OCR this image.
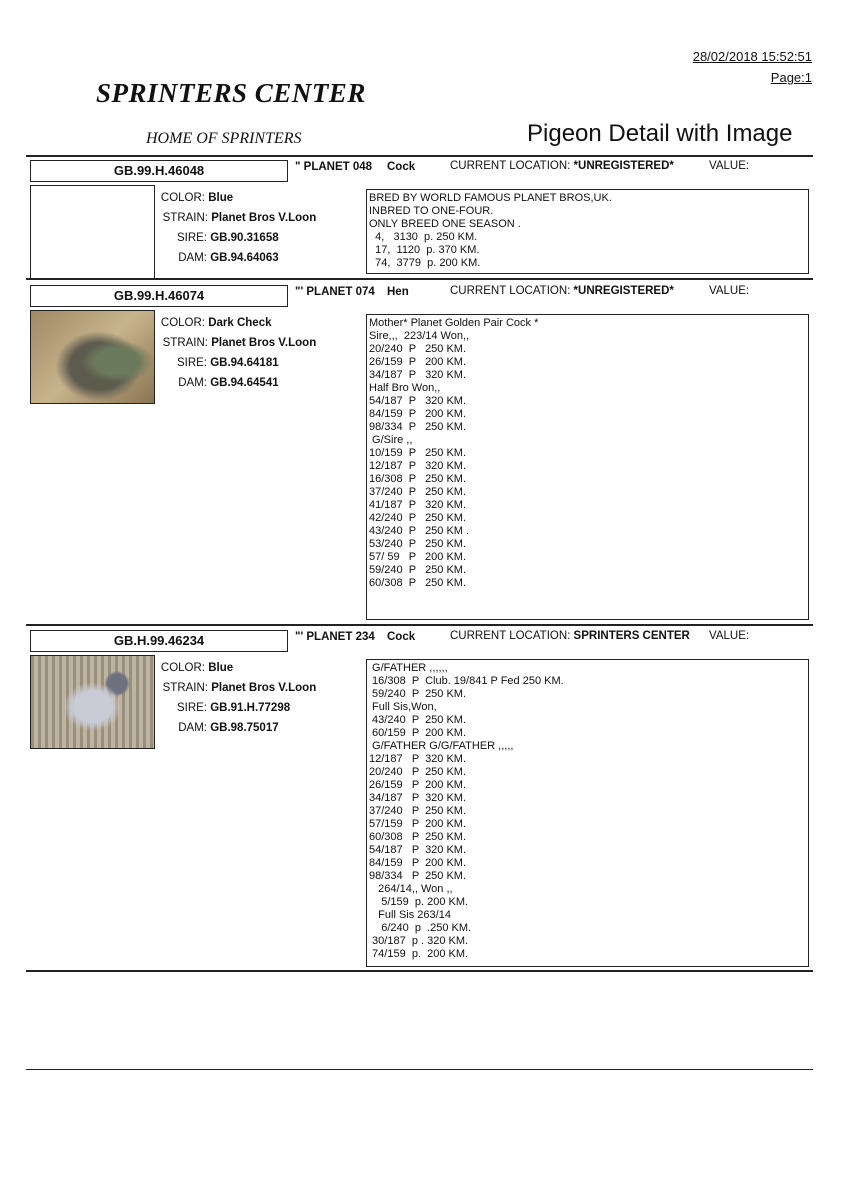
28/02/2018 15:52:51
Page:1
SPRINTERS CENTER
HOME OF SPRINTERS	Pigeon Detail with Image
GB.99.H.46048	" PLANET 048 Cock	CURRENT LOCATION: *UNREGISTERED*	VALUE:
COLOR: Blue
STRAIN: Planet Bros V.Loon
SIRE: GB.90.31658
DAM: GB.94.64063
BRED BY WORLD FAMOUS PLANET BROS,UK.
INBRED TO ONE-FOUR.
ONLY BREED ONE SEASON .
4,   3130  p. 250 KM.
17,  1120  p. 370 KM.
74,  3779  p. 200 KM.
GB.99.H.46074	"' PLANET 074 Hen	CURRENT LOCATION: *UNREGISTERED*	VALUE:
COLOR: Dark Check
STRAIN: Planet Bros V.Loon
SIRE: GB.94.64181
DAM: GB.94.64541
Mother* Planet Golden Pair Cock *
Sire,,,  223/14 Won,,
20/240  P   250 KM.
26/159  P   200 KM.
34/187  P   320 KM.
Half Bro Won,,
54/187  P   320 KM.
84/159  P   200 KM.
98/334  P   250 KM.
G/Sire ,,
10/159  P   250 KM.
12/187  P   320 KM.
16/308  P   250 KM.
37/240  P   250 KM.
41/187  P   320 KM.
42/240  P   250 KM.
43/240  P   250 KM .
53/240  P   250 KM.
57/ 59   P   200 KM.
59/240  P   250 KM.
60/308  P   250 KM.
GB.H.99.46234	"' PLANET 234 Cock	CURRENT LOCATION: SPRINTERS CENTER VALUE:
COLOR: Blue
STRAIN: Planet Bros V.Loon
SIRE: GB.91.H.77298
DAM: GB.98.75017
G/FATHER ,,,,,,
16/308  P  Club. 19/841 P Fed 250 KM.
59/240  P  250 KM.
Full Sis,Won,
43/240  P  250 KM.
60/159  P  200 KM.
G/FATHER G/G/FATHER ,,,,,
12/187   P  320 KM.
20/240   P  250 KM.
26/159   P  200 KM.
34/187   P  320 KM.
37/240   P  250 KM.
57/159   P  200 KM.
60/308   P  250 KM.
54/187   P  320 KM.
84/159   P  200 KM.
98/334   P  250 KM.
264/14,, Won ,,
5/159  p. 200 KM.
Full Sis 263/14
6/240  p  .250 KM.
30/187  p . 320 KM.
74/159  p.  200 KM.
